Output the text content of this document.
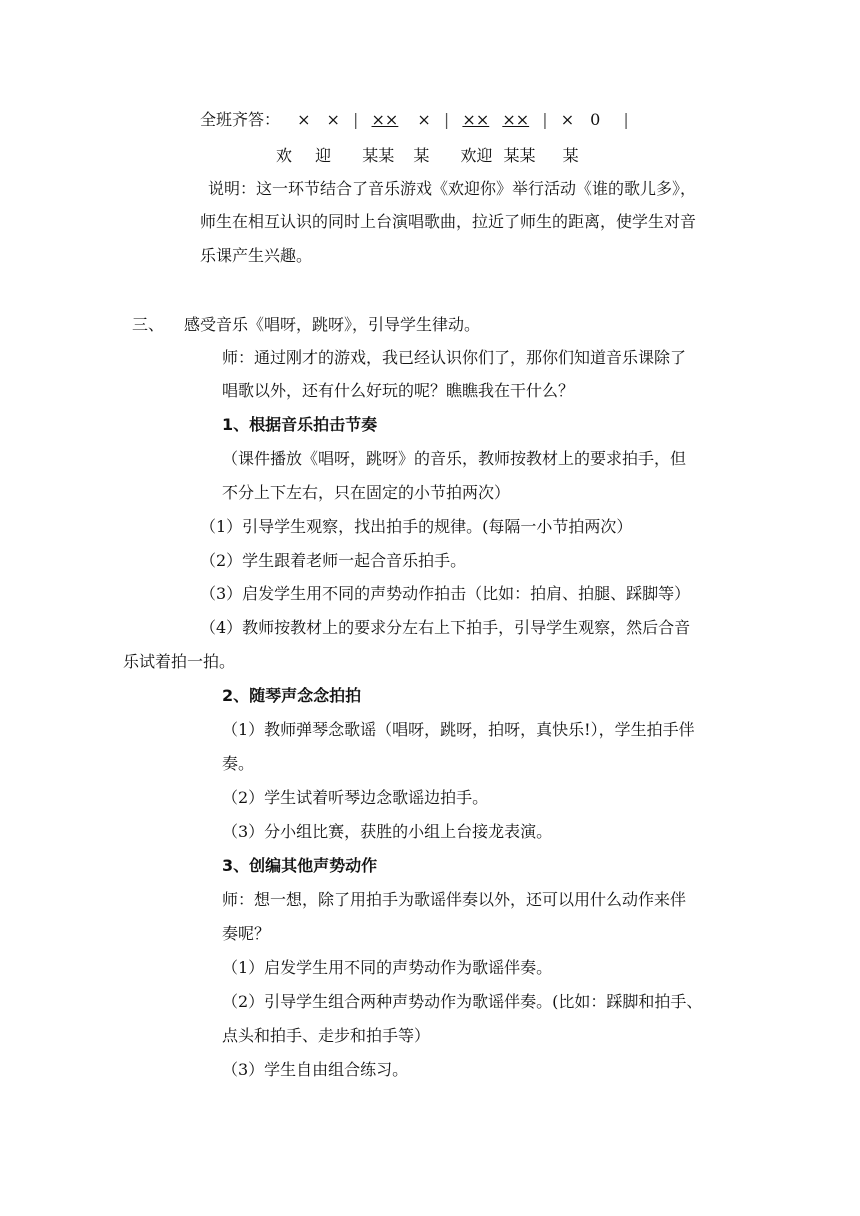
全班齐答： ×　× | ×× × | ×× ×× | ×　0 |
欢 迎 某某 某 欢迎 某某 某
说明：这一环节结合了音乐游戏《欢迎你》举行活动《谁的歌儿多》，
师生在相互认识的同时上台演唱歌曲，拉近了师生的距离，使学生对音
乐课产生兴趣。
三、 感受音乐《唱呀，跳呀》，引导学生律动。
师：通过刚才的游戏，我已经认识你们了，那你们知道音乐课除了
唱歌以外，还有什么好玩的呢？瞧瞧我在干什么？
1、根据音乐拍击节奏
（课件播放《唱呀，跳呀》的音乐，教师按教材上的要求拍手，但
不分上下左右，只在固定的小节拍两次）
（1）引导学生观察，找出拍手的规律。(每隔一小节拍两次）
（2）学生跟着老师一起合音乐拍手。
（3）启发学生用不同的声势动作拍击（比如：拍肩、拍腿、踩脚等）
（4）教师按教材上的要求分左右上下拍手，引导学生观察，然后合音
乐试着拍一拍。
2、随琴声念念拍拍
（1）教师弹琴念歌谣（唱呀，跳呀，拍呀，真快乐!），学生拍手伴
奏。
（2）学生试着听琴边念歌谣边拍手。
（3）分小组比赛，获胜的小组上台接龙表演。
3、创编其他声势动作
师：想一想，除了用拍手为歌谣伴奏以外，还可以用什么动作来伴
奏呢？
（1）启发学生用不同的声势动作为歌谣伴奏。
（2）引导学生组合两种声势动作为歌谣伴奏。(比如：踩脚和拍手、
点头和拍手、走步和拍手等）
（3）学生自由组合练习。
